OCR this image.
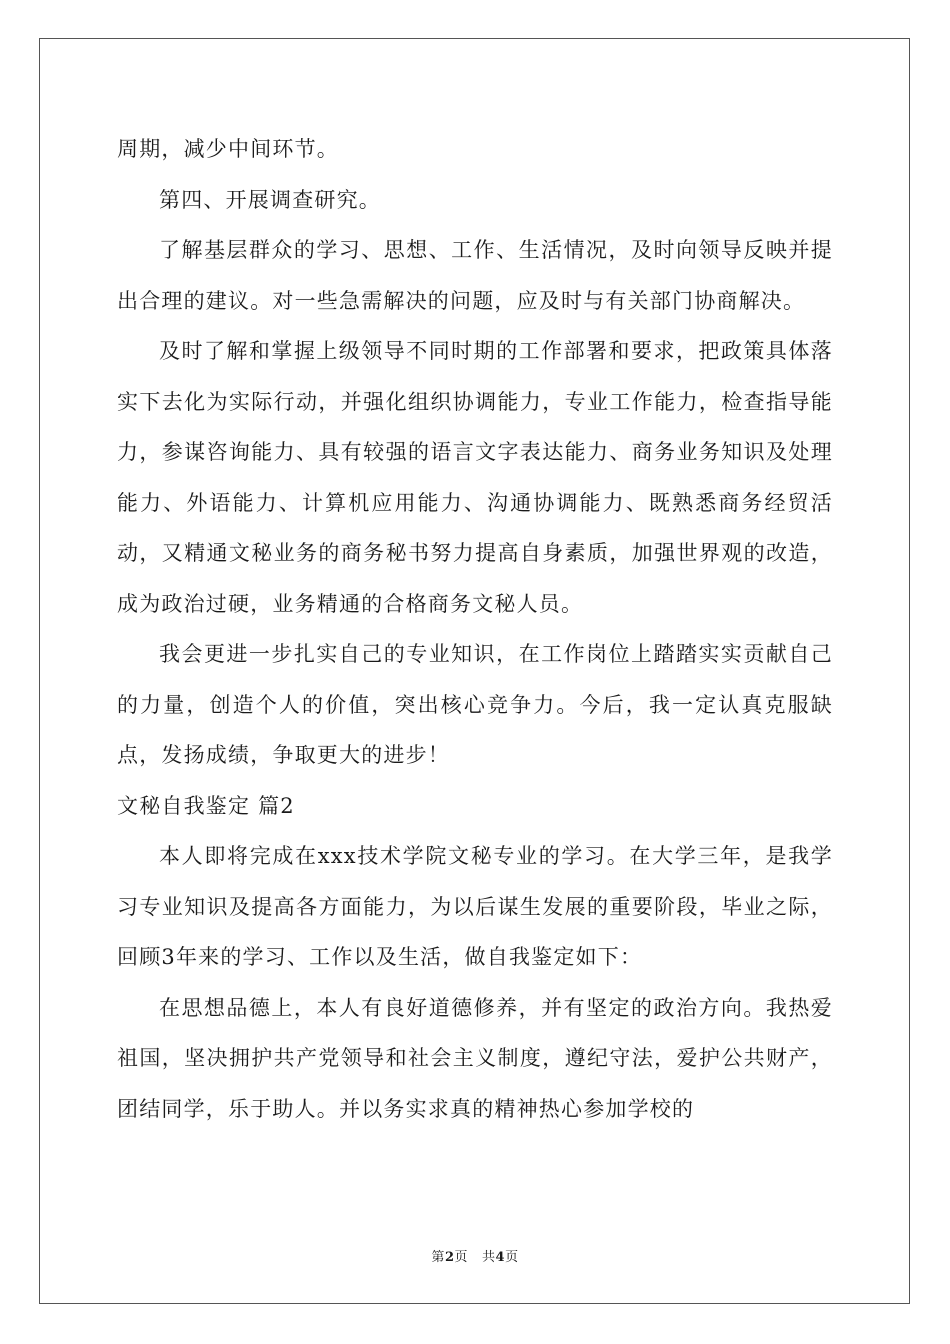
周期，减少中间环节。

第四、开展调查研究。

了解基层群众的学习、思想、工作、生活情况，及时向领导反映并提出合理的建议。对一些急需解决的问题，应及时与有关部门协商解决。

及时了解和掌握上级领导不同时期的工作部署和要求，把政策具体落实下去化为实际行动，并强化组织协调能力，专业工作能力，检查指导能力，参谋咨询能力、具有较强的语言文字表达能力、商务业务知识及处理能力、外语能力、计算机应用能力、沟通协调能力、既熟悉商务经贸活动，又精通文秘业务的商务秘书努力提高自身素质，加强世界观的改造，成为政治过硬，业务精通的合格商务文秘人员。

我会更进一步扎实自己的专业知识，在工作岗位上踏踏实实贡献自己的力量，创造个人的价值，突出核心竞争力。今后，我一定认真克服缺点，发扬成绩，争取更大的进步！

文秘自我鉴定 篇2

本人即将完成在xxx技术学院文秘专业的学习。在大学三年，是我学习专业知识及提高各方面能力，为以后谋生发展的重要阶段，毕业之际，回顾3年来的学习、工作以及生活，做自我鉴定如下：

在思想品德上，本人有良好道德修养，并有坚定的政治方向。我热爱祖国，坚决拥护共产党领导和社会主义制度，遵纪守法，爱护公共财产，团结同学，乐于助人。并以务实求真的精神热心参加学校的

第2页 共4页
